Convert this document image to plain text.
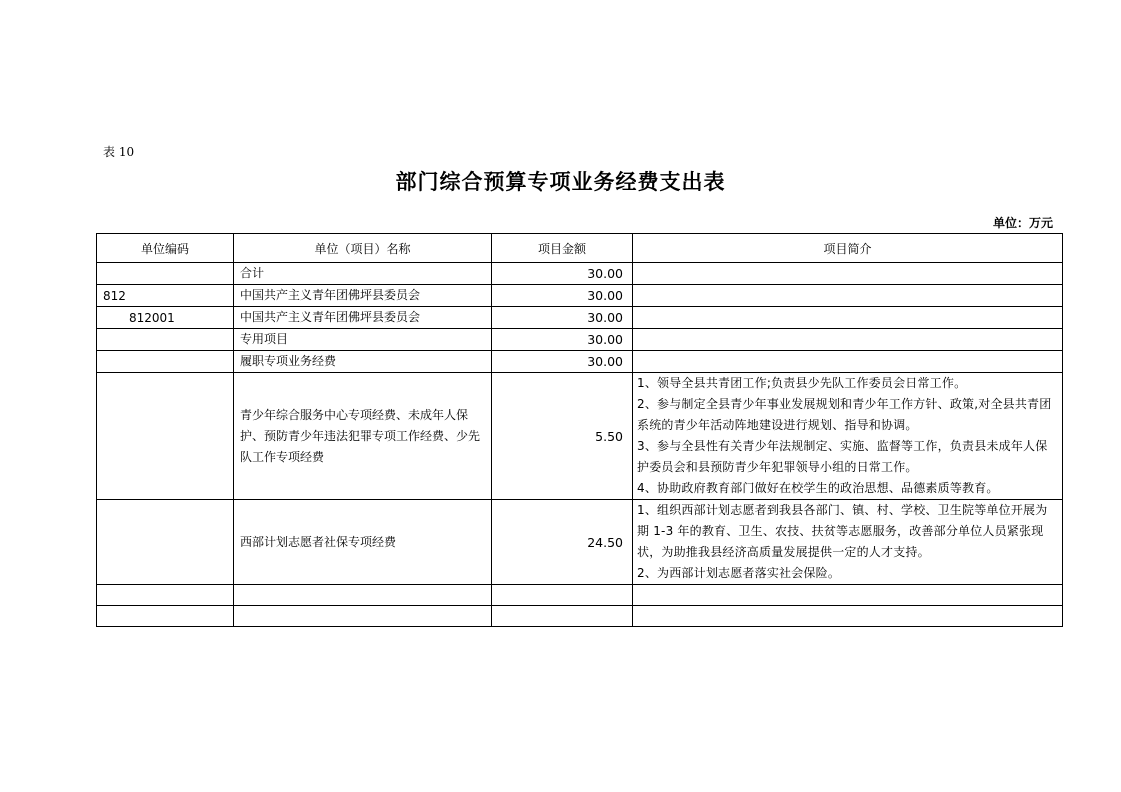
表 10
部门综合预算专项业务经费支出表
单位：万元
单位编码	单位（项目）名称	项目金额	项目简介
	合计	30.00	
812	中国共产主义青年团佛坪县委员会	30.00	
812001	中国共产主义青年团佛坪县委员会	30.00	
	专用项目	30.00	
	履职专项业务经费	30.00	
	青少年综合服务中心专项经费、未成年人保护、预防青少年违法犯罪专项工作经费、少先队工作专项经费	5.50	1、领导全县共青团工作;负责县少先队工作委员会日常工作。
2、参与制定全县青少年事业发展规划和青少年工作方针、政策,对全县共青团系统的青少年活动阵地建设进行规划、指导和协调。
3、参与全县性有关青少年法规制定、实施、监督等工作，负责县未成年人保护委员会和县预防青少年犯罪领导小组的日常工作。
4、协助政府教育部门做好在校学生的政治思想、品德素质等教育。

	西部计划志愿者社保专项经费	24.50	1、组织西部计划志愿者到我县各部门、镇、村、学校、卫生院等单位开展为期 1-3 年的教育、卫生、农技、扶贫等志愿服务，改善部分单位人员紧张现状，为助推我县经济高质量发展提供一定的人才支持。
2、为西部计划志愿者落实社会保险。
